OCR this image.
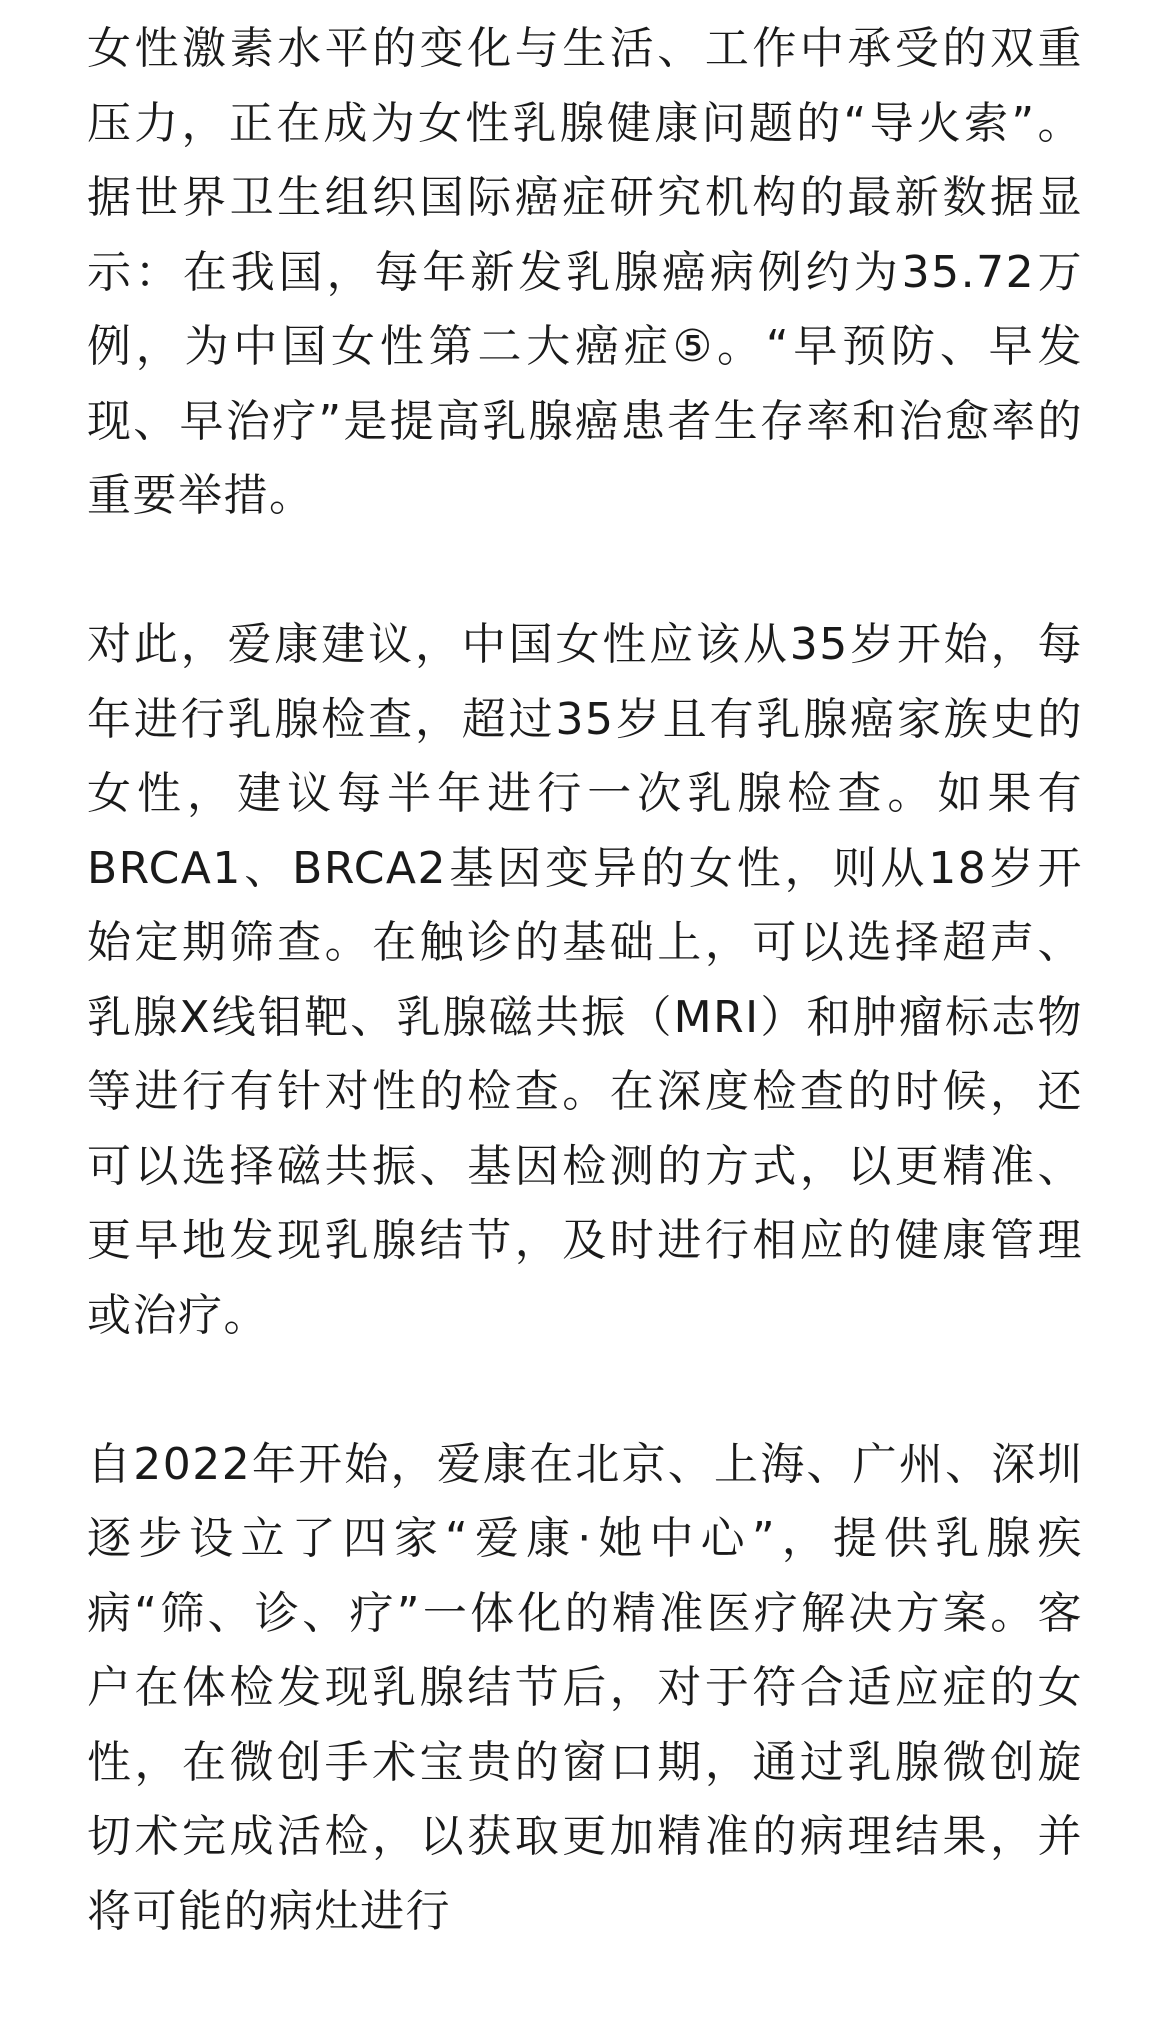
女性激素水平的变化与生活、工作中承受的双重压力，正在成为女性乳腺健康问题的“导火索”。据世界卫生组织国际癌症研究机构的最新数据显示：在我国，每年新发乳腺癌病例约为35.72万例，为中国女性第二大癌症⑤。“早预防、早发现、早治疗”是提高乳腺癌患者生存率和治愈率的重要举措。

对此，爱康建议，中国女性应该从35岁开始，每年进行乳腺检查，超过35岁且有乳腺癌家族史的女性，建议每半年进行一次乳腺检查。如果有BRCA1、BRCA2基因变异的女性，则从18岁开始定期筛查。在触诊的基础上，可以选择超声、乳腺X线钼靶、乳腺磁共振（MRI）和肿瘤标志物等进行有针对性的检查。在深度检查的时候，还可以选择磁共振、基因检测的方式，以更精准、更早地发现乳腺结节，及时进行相应的健康管理或治疗。

自2022年开始，爱康在北京、上海、广州、深圳逐步设立了四家“爱康·她中心”，提供乳腺疾病“筛、诊、疗”一体化的精准医疗解决方案。客户在体检发现乳腺结节后，对于符合适应症的女性，在微创手术宝贵的窗口期，通过乳腺微创旋切术完成活检，以获取更加精准的病理结果，并将可能的病灶进行
